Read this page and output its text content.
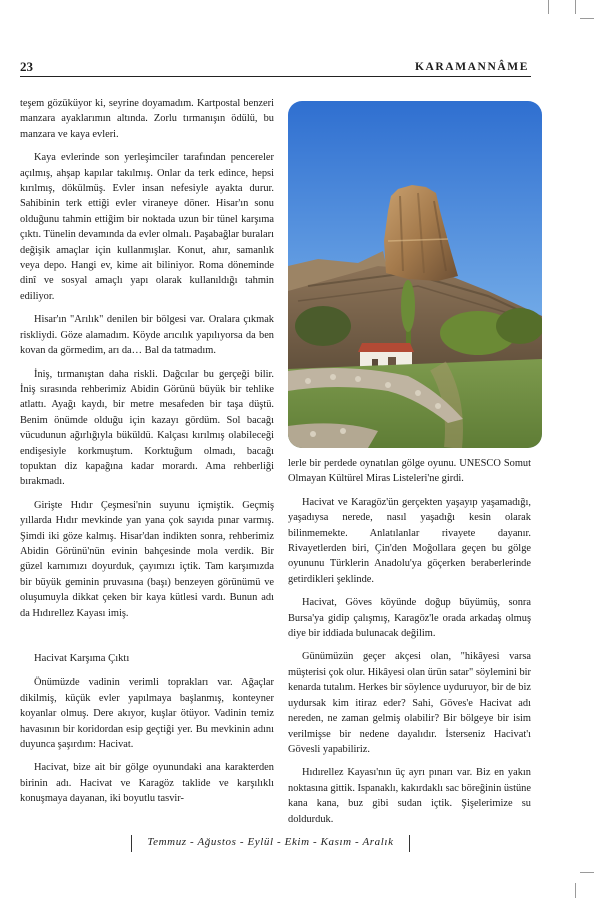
23	KARAMANNÂME

teşem gözüküyor ki, seyrine doyamadım. Kartpostal benzeri manzara ayaklarımın altında. Zorlu tırmanışın ödülü, bu manzara ve kaya evleri.

Kaya evlerinde son yerleşimciler tarafından pencereler açılmış, ahşap kapılar takılmış. Onlar da terk edince, hepsi kırılmış, dökülmüş. Evler insan nefesiyle ayakta durur. Sahibinin terk ettiği evler viraneye döner. Hisar'ın sonu olduğunu tahmin ettiğim bir noktada uzun bir tünel karşıma çıktı. Tünelin devamında da evler olmalı. Paşabağlar buraları değişik amaçlar için kullanmışlar. Konut, ahır, samanlık veya depo. Hangi ev, kime ait biliniyor. Roma döneminde dinî ve sosyal amaçlı yapı olarak kullanıldığı tahmin ediliyor.

Hisar'ın "Arılık" denilen bir bölgesi var. Oralara çıkmak riskliydi. Göze alamadım. Köyde arıcılık yapılıyorsa da ben kovan da görmedim, arı da… Bal da tatmadım.

İniş, tırmanıştan daha riskli. Dağcılar bu gerçeği bilir. İniş sırasında rehberimiz Abidin Görünü büyük bir tehlike atlattı. Ayağı kaydı, bir metre mesafeden bir taşa düştü. Benim önümde olduğu için kazayı gördüm. Sol bacağı vücudunun ağırlığıyla büküldü. Kalçası kırılmış olabileceği endişesiyle korkmuştum. Korktuğum olmadı, bacağı topuktan diz kapağına kadar morardı. Ama rehberliği bırakmadı.

Girişte Hıdır Çeşmesi'nin suyunu içmiştik. Geçmiş yıllarda Hıdır mevkinde yan yana çok sayıda pınar varmış. Şimdi iki göze kalmış. Hisar'dan indikten sonra, rehberimiz Abidin Görünü'nün evinin bahçesinde mola verdik. Bir güzel karnımızı doyurduk, çayımızı içtik. Tam karşımızda bir büyük geminin pruvasına (başı) benzeyen görünümü ve oluşumuyla dikkat çeken bir kaya kütlesi vardı. Bunun adı da Hıdırellez Kayası imiş.

Hacivat Karşıma Çıktı

Önümüzde vadinin verimli toprakları var. Ağaçlar dikilmiş, küçük evler yapılmaya başlanmış, konteyner koyanlar olmuş. Dere akıyor, kuşlar ötüyor. Vadinin temiz havasının bir koridordan esip geçtiği yer. Bu mevkinin adını duyunca şaşırdım: Hacivat.

Hacivat, bize ait bir gölge oyunundaki ana karakterden birinin adı. Hacivat ve Karagöz taklide ve karşılıklı konuşmaya dayanan, iki boyutlu tasvir-

lerle bir perdede oynatılan gölge oyunu. UNESCO Somut Olmayan Kültürel Miras Listeleri'ne girdi.

Hacivat ve Karagöz'ün gerçekten yaşayıp yaşamadığı, yaşadıysa nerede, nasıl yaşadığı kesin olarak bilinmemekte. Anlatılanlar rivayete dayanır. Rivayetlerden biri, Çin'den Moğollara geçen bu gölge oyununu Türklerin Anadolu'ya göçerken beraberlerinde getirdikleri şeklinde.

Hacivat, Göves köyünde doğup büyümüş, sonra Bursa'ya gidip çalışmış, Karagöz'le orada arkadaş olmuş diye bir iddiada bulunacak değilim.

Günümüzün geçer akçesi olan, "hikâyesi varsa müşterisi çok olur. Hikâyesi olan ürün satar" söylemini bir kenarda tutalım. Herkes bir söylence uyduruyor, bir de biz uydursak kim itiraz eder? Sahi, Göves'e Hacivat adı nereden, ne zaman gelmiş olabilir? Bir bölgeye bir isim verilmişse bir nedene dayalıdır. İsterseniz Hacivat'ı Gövesli yapabiliriz.

Hıdırellez Kayası'nın üç ayrı pınarı var. Biz en yakın noktasına gittik. Ispanaklı, kakırdaklı sac böreğinin üstüne kana kana, buz gibi sudan içtik. Şişelerimize su doldurduk.

Temmuz - Ağustos - Eylül - Ekim - Kasım - Aralık
